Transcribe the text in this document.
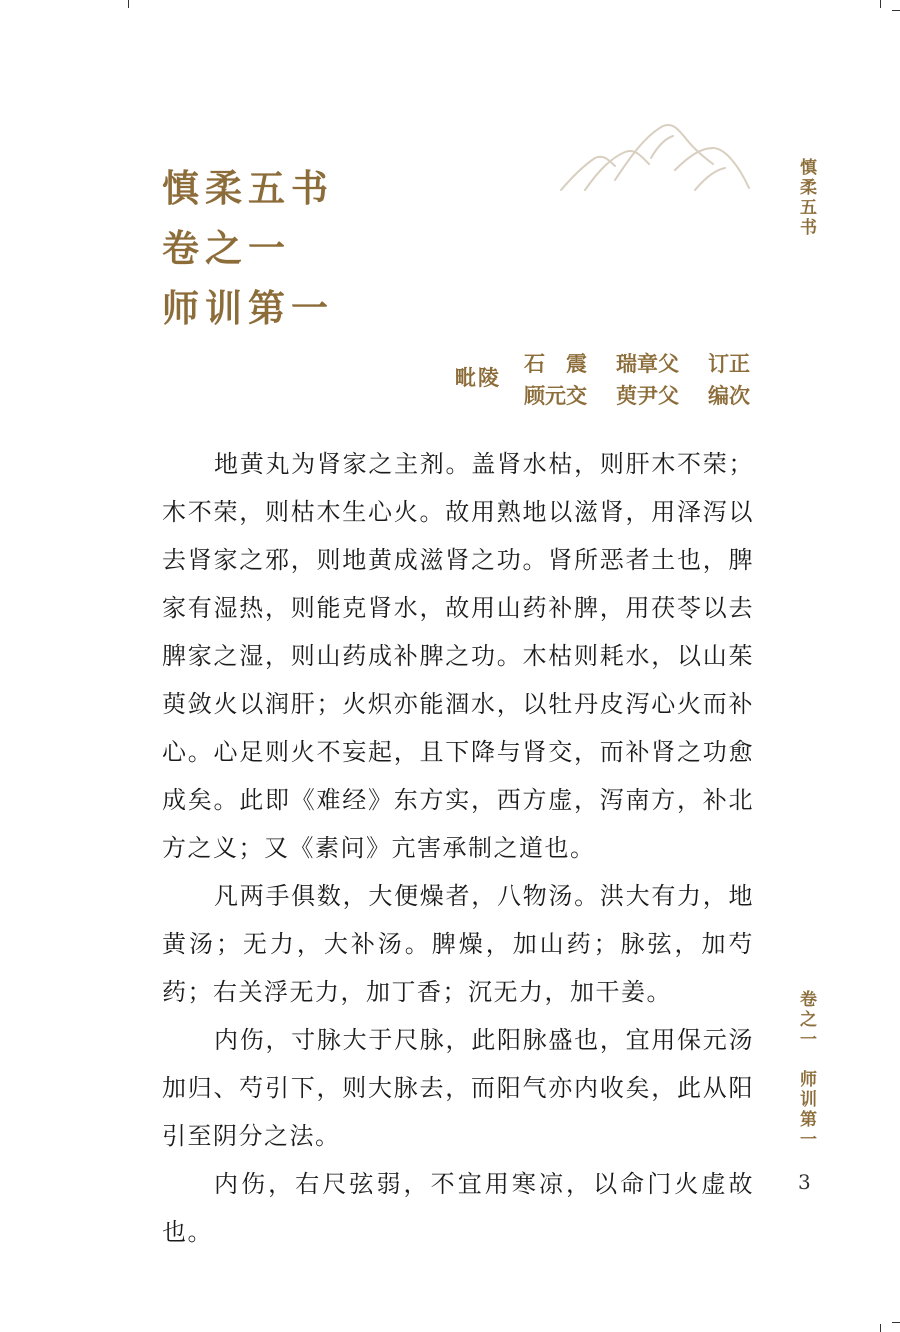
慎柔五书
卷之一
师训第一
毗陵
石　震 瑞章父 订正
顾元交 萸尹父 编次

地黄丸为肾家之主剂。盖肾水枯，则肝木不荣；木不荣，则枯木生心火。故用熟地以滋肾，用泽泻以去肾家之邪，则地黄成滋肾之功。肾所恶者土也，脾家有湿热，则能克肾水，故用山药补脾，用茯苓以去脾家之湿，则山药成补脾之功。木枯则耗水，以山茱萸敛火以润肝；火炽亦能涸水，以牡丹皮泻心火而补心。心足则火不妄起，且下降与肾交，而补肾之功愈成矣。此即《难经》东方实，西方虚，泻南方，补北方之义；又《素问》亢害承制之道也。

凡两手俱数，大便燥者，八物汤。洪大有力，地黄汤；无力，大补汤。脾燥，加山药；脉弦，加芍药；右关浮无力，加丁香；沉无力，加干姜。

内伤，寸脉大于尺脉，此阳脉盛也，宜用保元汤加归、芍引下，则大脉去，而阳气亦内收矣，此从阳引至阴分之法。

内伤，右尺弦弱，不宜用寒凉，以命门火虚故也。

慎柔五书
卷之一　师训第一
3
